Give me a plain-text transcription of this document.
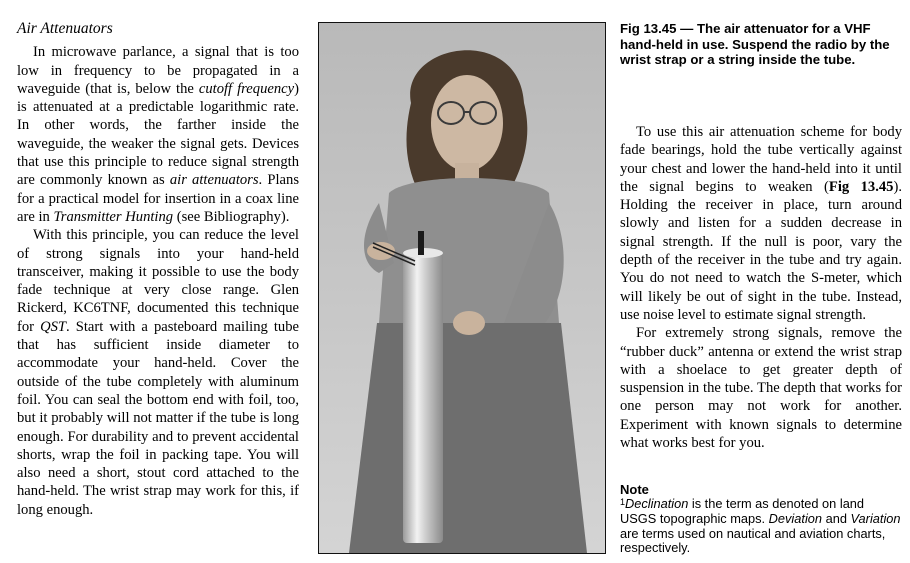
Air Attenuators

In microwave parlance, a signal that is too low in frequency to be propagated in a waveguide (that is, below the cutoff frequency) is attenuated at a predictable logarithmic rate. In other words, the farther inside the waveguide, the weaker the signal gets. Devices that use this principle to reduce signal strength are commonly known as air attenuators. Plans for a practical model for insertion in a coax line are in Transmitter Hunting (see Bibliography).

With this principle, you can reduce the level of strong signals into your hand-held transceiver, making it possible to use the body fade technique at very close range. Glen Rickerd, KC6TNF, documented this technique for QST. Start with a pasteboard mailing tube that has sufficient inside diameter to accommodate your hand-held. Cover the outside of the tube completely with aluminum foil. You can seal the bottom end with foil, too, but it probably will not matter if the tube is long enough. For durability and to prevent accidental shorts, wrap the foil in packing tape. You will also need a short, stout cord attached to the hand-held. The wrist strap may work for this, if long enough.

Fig 13.45 — The air attenuator for a VHF hand-held in use. Suspend the radio by the wrist strap or a string inside the tube.

To use this air attenuation scheme for body fade bearings, hold the tube vertically against your chest and lower the hand-held into it until the signal begins to weaken (Fig 13.45). Holding the receiver in place, turn around slowly and listen for a sudden decrease in signal strength. If the null is poor, vary the depth of the receiver in the tube and try again. You do not need to watch the S-meter, which will likely be out of sight in the tube. Instead, use noise level to estimate signal strength.

For extremely strong signals, remove the “rubber duck” antenna or extend the wrist strap with a shoelace to get greater depth of suspension in the tube. The depth that works for one person may not work for another. Experiment with known signals to determine what works best for you.

Note

$^1$Declination is the term as denoted on land USGS topographic maps. Deviation and Variation are terms used on nautical and aviation charts, respectively.
